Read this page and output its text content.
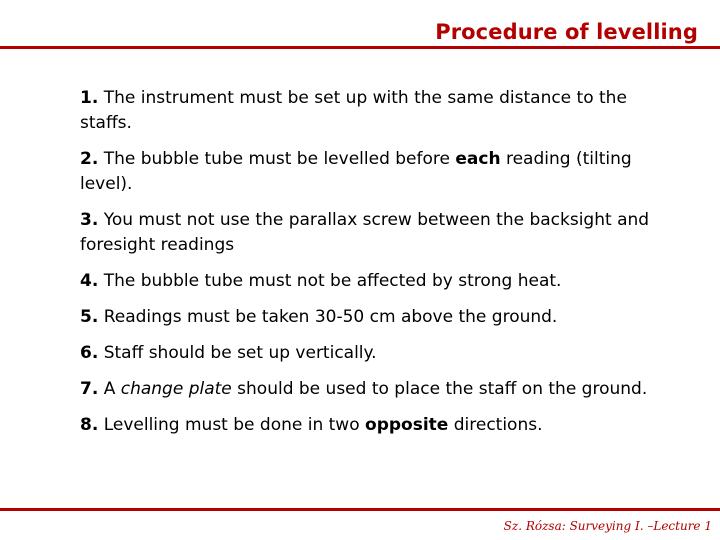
Procedure of levelling
1. The instrument must be set up with the same distance to the staffs.
2. The bubble tube must be levelled before each reading (tilting level).
3. You must not use the parallax screw between the backsight and foresight readings
4. The bubble tube must not be affected by strong heat.
5. Readings must be taken 30-50 cm above the ground.
6. Staff should be set up vertically.
7. A change plate should be used to place the staff on the ground.
8. Levelling must be done in two opposite directions.
Sz. Rózsa: Surveying I. –Lecture 1
